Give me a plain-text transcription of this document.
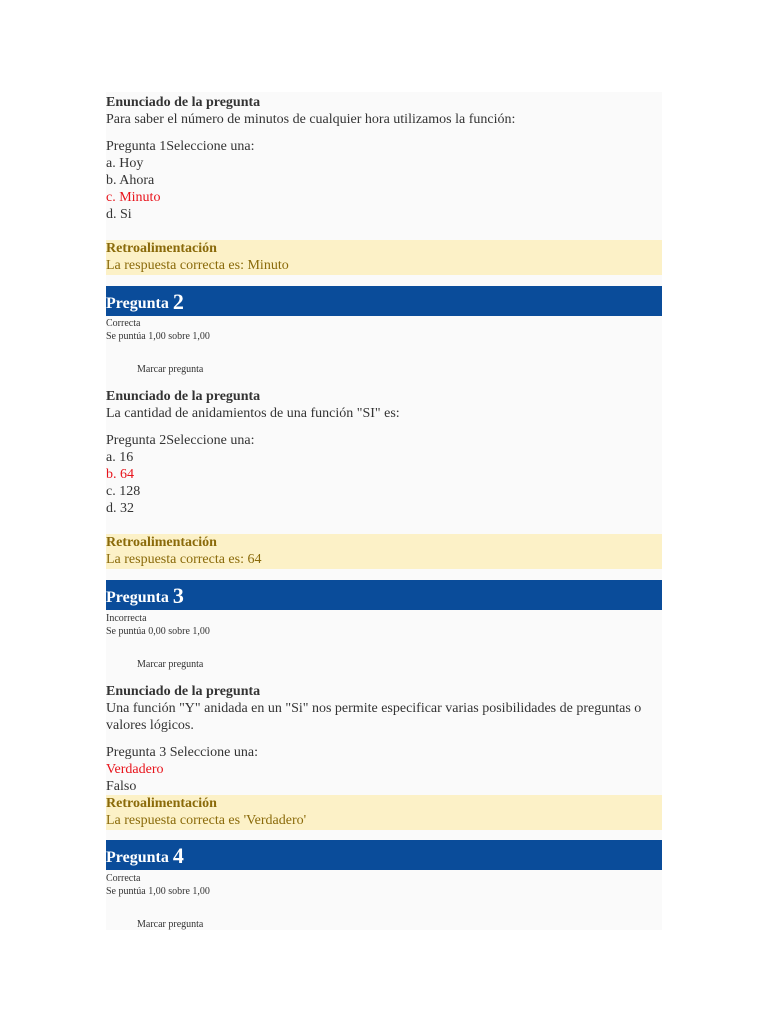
Enunciado de la pregunta
Para saber el número de minutos de cualquier hora utilizamos la función:
Pregunta 1Seleccione una:
a. Hoy
b. Ahora
c. Minuto
d. Si
Retroalimentación
La respuesta correcta es: Minuto
Pregunta 2
Correcta
Se puntúa 1,00 sobre 1,00
Marcar pregunta
Enunciado de la pregunta
La cantidad de anidamientos de una función "SI" es:
Pregunta 2Seleccione una:
a. 16
b. 64
c. 128
d. 32
Retroalimentación
La respuesta correcta es: 64
Pregunta 3
Incorrecta
Se puntúa 0,00 sobre 1,00
Marcar pregunta
Enunciado de la pregunta
Una función "Y" anidada en un "Si" nos permite especificar varias posibilidades de preguntas o
valores lógicos.
Pregunta 3 Seleccione una:
Verdadero
Falso
Retroalimentación
La respuesta correcta es 'Verdadero'
Pregunta 4
Correcta
Se puntúa 1,00 sobre 1,00
Marcar pregunta
